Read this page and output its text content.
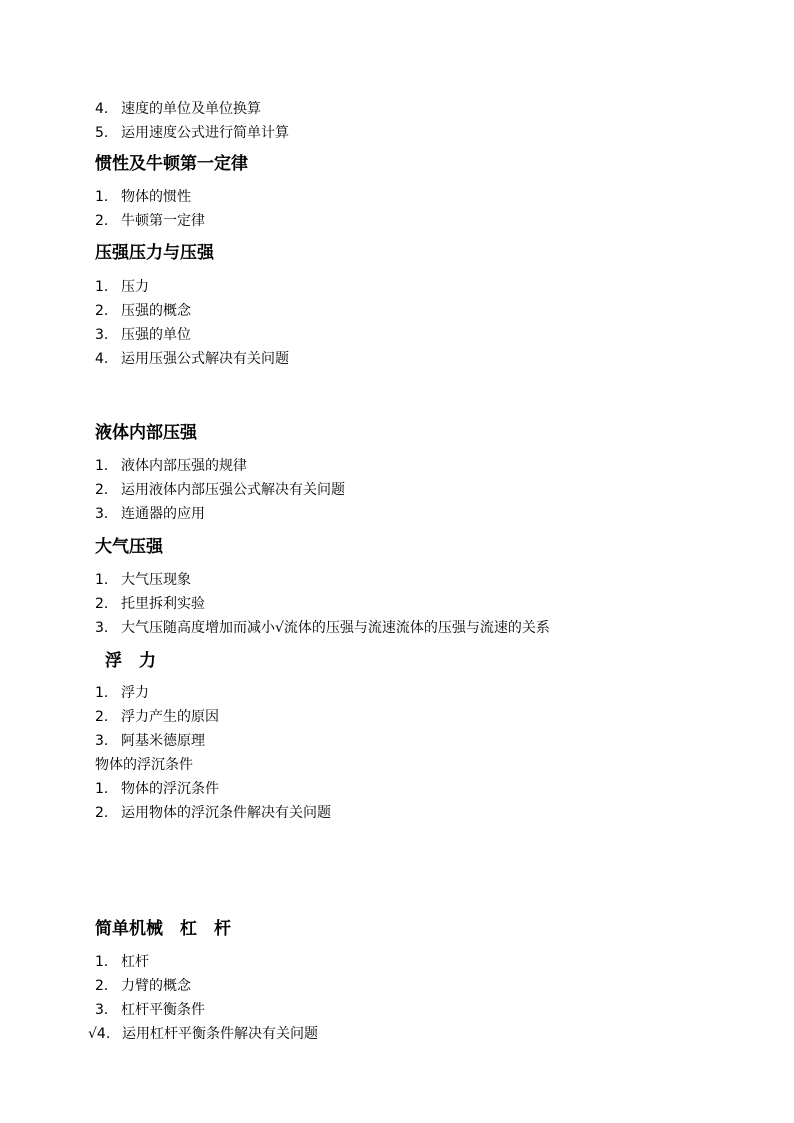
4. 速度的单位及单位换算
5. 运用速度公式进行简单计算
惯性及牛顿第一定律
1. 物体的惯性
2. 牛顿第一定律
压强压力与压强
1. 压力
2. 压强的概念
3. 压强的单位
4. 运用压强公式解决有关问题
液体内部压强
1. 液体内部压强的规律
2. 运用液体内部压强公式解决有关问题
3. 连通器的应用
大气压强
1. 大气压现象
2. 托里拆利实验
3. 大气压随高度增加而减小√流体的压强与流速流体的压强与流速的关系
浮　力
1. 浮力
2. 浮力产生的原因
3. 阿基米德原理
物体的浮沉条件
1. 物体的浮沉条件
2. 运用物体的浮沉条件解决有关问题
简单机械　杠　杆
1. 杠杆
2. 力臂的概念
3. 杠杆平衡条件
√4. 运用杠杆平衡条件解决有关问题
